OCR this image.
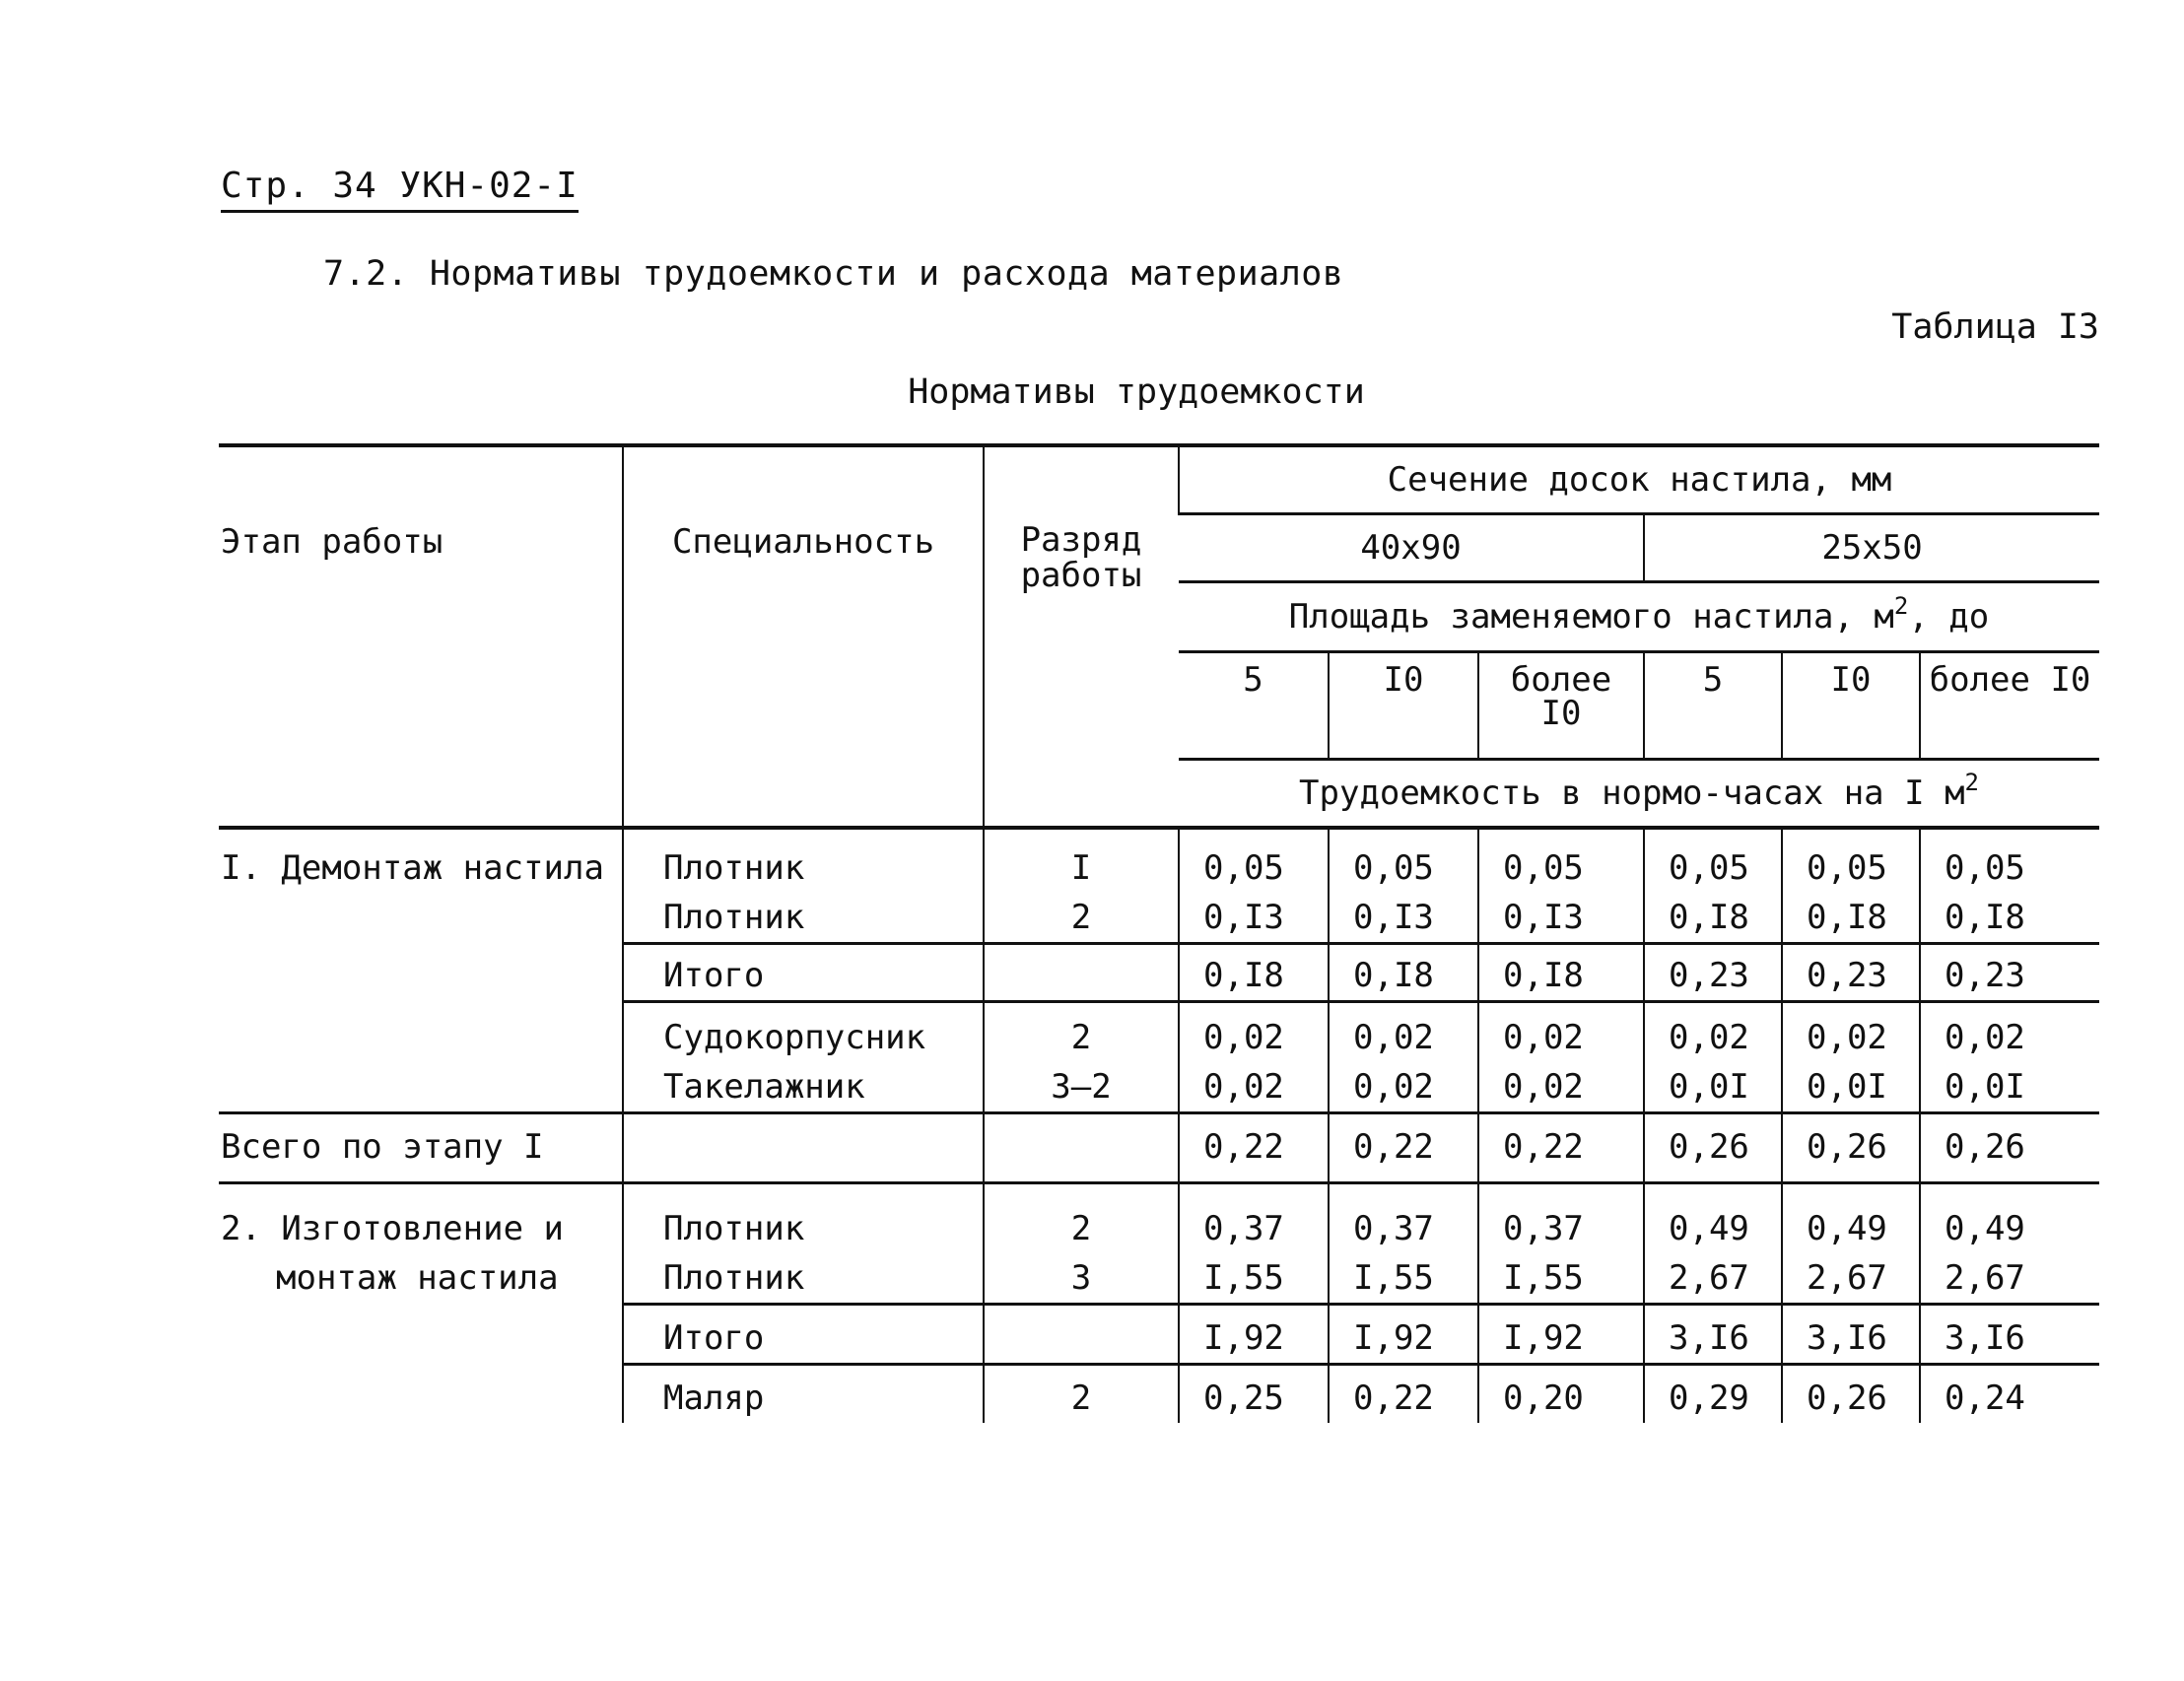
Стр. 34 УКН-02-I
7.2. Нормативы трудоемкости и расхода материалов
Таблица I3
Нормативы трудоемкости
Этап работы	Специальность	Разряд работы	Сечение досок настила, мм					
			40x90			25x50		
			Площадь заменяемого настила, $м^2$, до					
			5	I0	более I0	5	I0	более I0
			Трудоемкость в нормо-часах на I $м^2$
I. Демонтаж настила	Плотник	I	0,05	0,05	0,05	0,05	0,05	0,05
	Плотник	2	0,I3	0,I3	0,I3	0,I8	0,I8	0,I8
	Итого		0,I8	0,I8	0,I8	0,23	0,23	0,23
	Судокорпусник	2	0,02	0,02	0,02	0,02	0,02	0,02
	Такелажник	3–2	0,02	0,02	0,02	0,0I	0,0I	0,0I
Всего по этапу I			0,22	0,22	0,22	0,26	0,26	0,26
2. Изготовление и	Плотник	2	0,37	0,37	0,37	0,49	0,49	0,49
монтаж настила	Плотник	3	I,55	I,55	I,55	2,67	2,67	2,67
	Итого		I,92	I,92	I,92	3,I6	3,I6	3,I6
	Маляр	2	0,25	0,22	0,20	0,29	0,26	0,24
